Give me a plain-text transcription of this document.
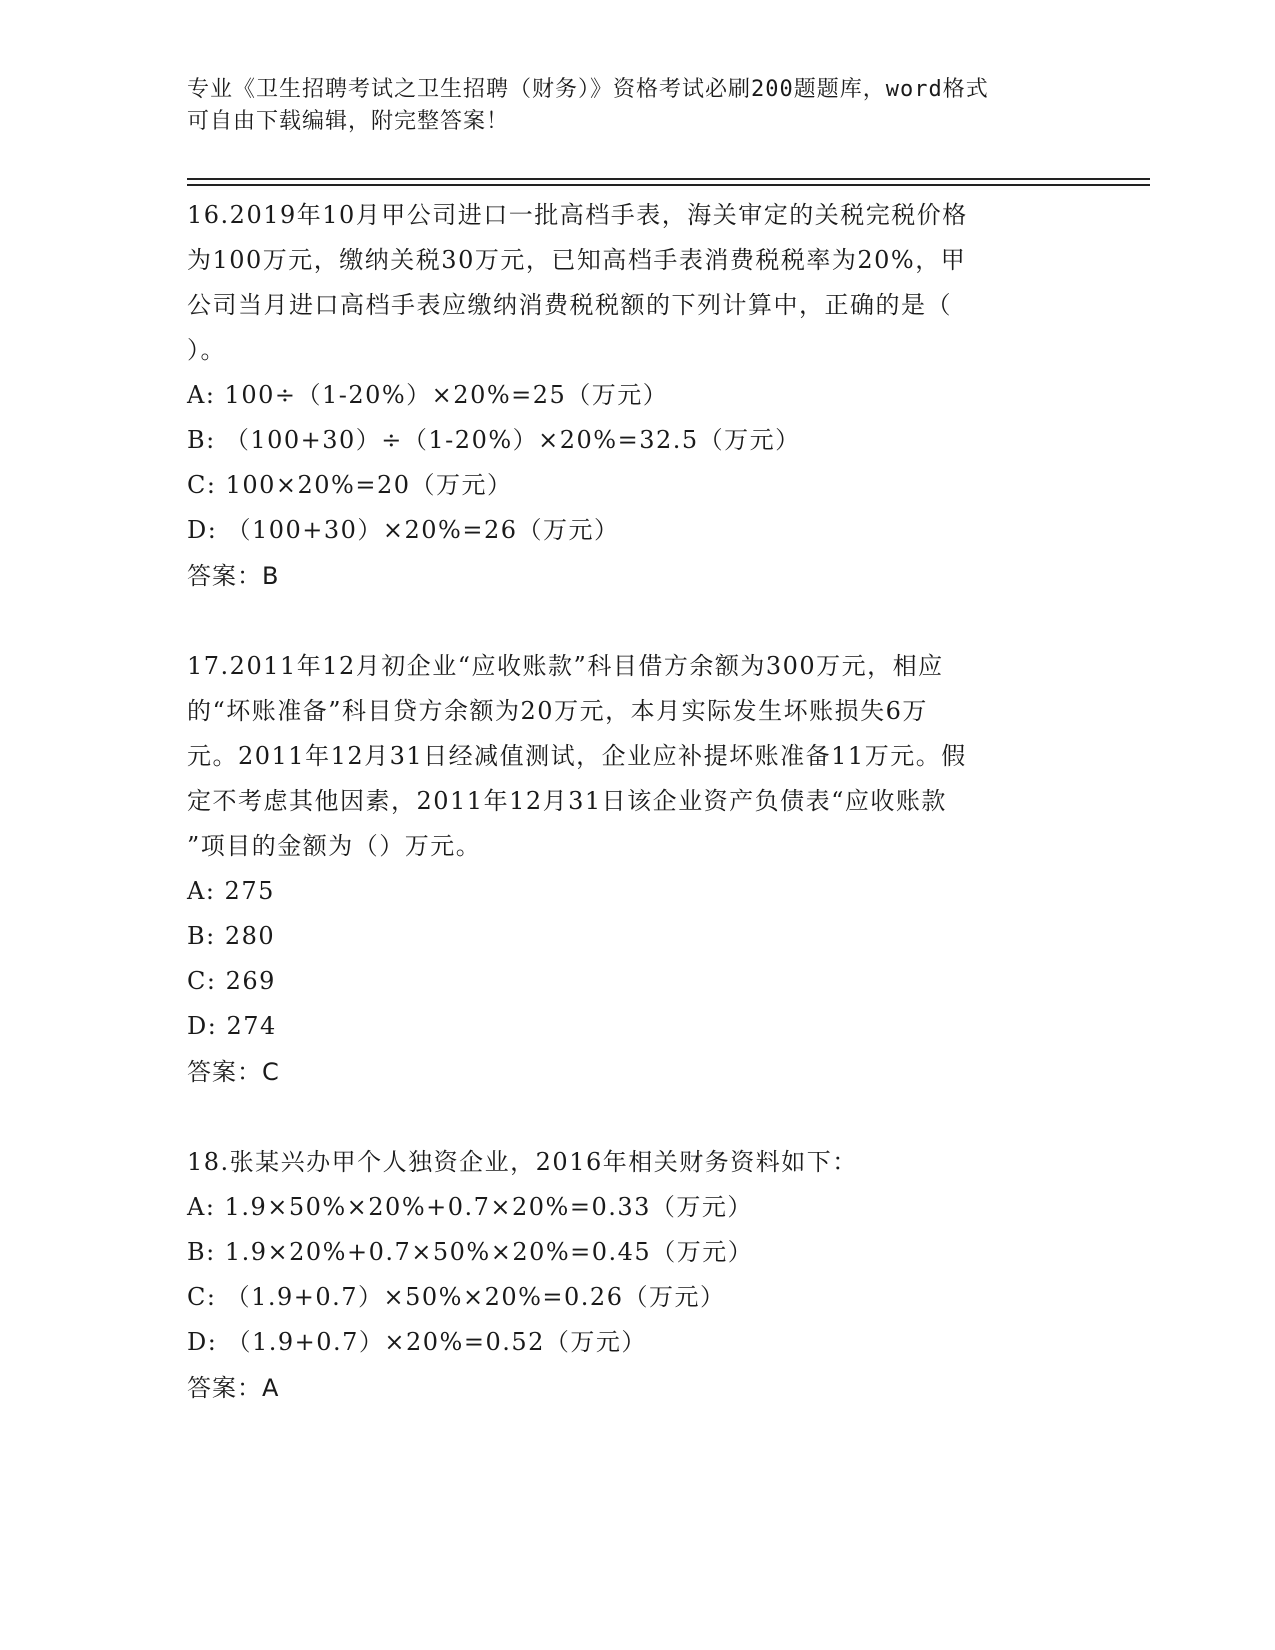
专业《卫生招聘考试之卫生招聘（财务）》资格考试必刷200题题库，word格式

可自由下载编辑，附完整答案！

16.2019年10月甲公司进口一批高档手表，海关审定的关税完税价格

为100万元，缴纳关税30万元，已知高档手表消费税税率为20%，甲

公司当月进口高档手表应缴纳消费税税额的下列计算中，正确的是（

）。

A: 100÷（1-20%）×20%=25（万元）

B: （100+30）÷（1-20%）×20%=32.5（万元）

C: 100×20%=20（万元）

D: （100+30）×20%=26（万元）

答案：B

17.2011年12月初企业“应收账款”科目借方余额为300万元，相应

的“坏账准备”科目贷方余额为20万元，本月实际发生坏账损失6万

元。2011年12月31日经减值测试，企业应补提坏账准备11万元。假

定不考虑其他因素，2011年12月31日该企业资产负债表“应收账款

”项目的金额为（）万元。

A: 275

B: 280

C: 269

D: 274

答案：C

18.张某兴办甲个人独资企业，2016年相关财务资料如下：

A: 1.9×50%×20%+0.7×20%=0.33（万元）

B: 1.9×20%+0.7×50%×20%=0.45（万元）

C: （1.9+0.7）×50%×20%=0.26（万元）

D: （1.9+0.7）×20%=0.52（万元）

答案：A
